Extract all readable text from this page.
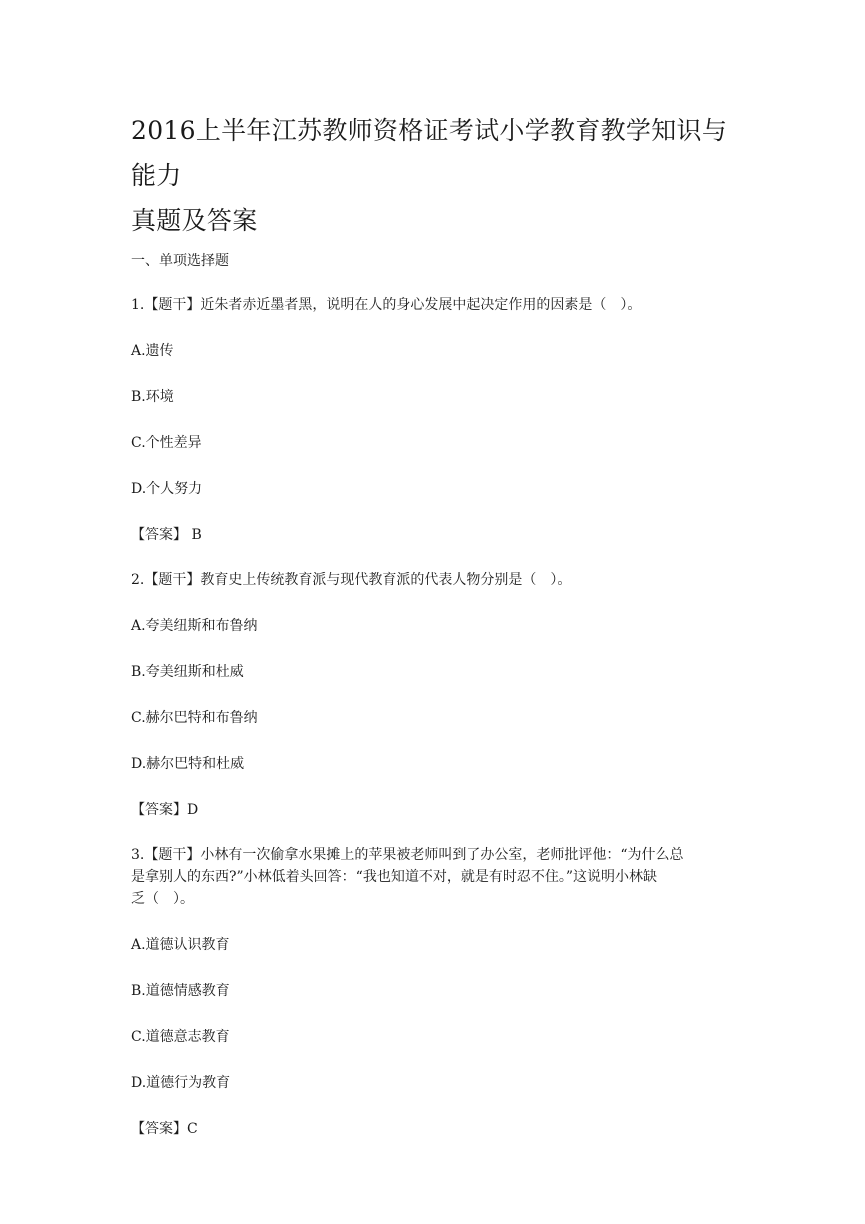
2016上半年江苏教师资格证考试小学教育教学知识与能力
真题及答案

一、单项选择题

1.【题干】近朱者赤近墨者黑，说明在人的身心发展中起决定作用的因素是（　）。

A.遗传

B.环境

C.个性差异

D.个人努力

【答案】 B

2.【题干】教育史上传统教育派与现代教育派的代表人物分别是（　）。

A.夸美纽斯和布鲁纳

B.夸美纽斯和杜威

C.赫尔巴特和布鲁纳

D.赫尔巴特和杜威

【答案】D

3.【题干】小林有一次偷拿水果摊上的苹果被老师叫到了办公室，老师批评他：“为什么总
是拿别人的东西?”小林低着头回答：“我也知道不对，就是有时忍不住。”这说明小林缺
乏（　）。

A.道德认识教育

B.道德情感教育

C.道德意志教育

D.道德行为教育

【答案】C
